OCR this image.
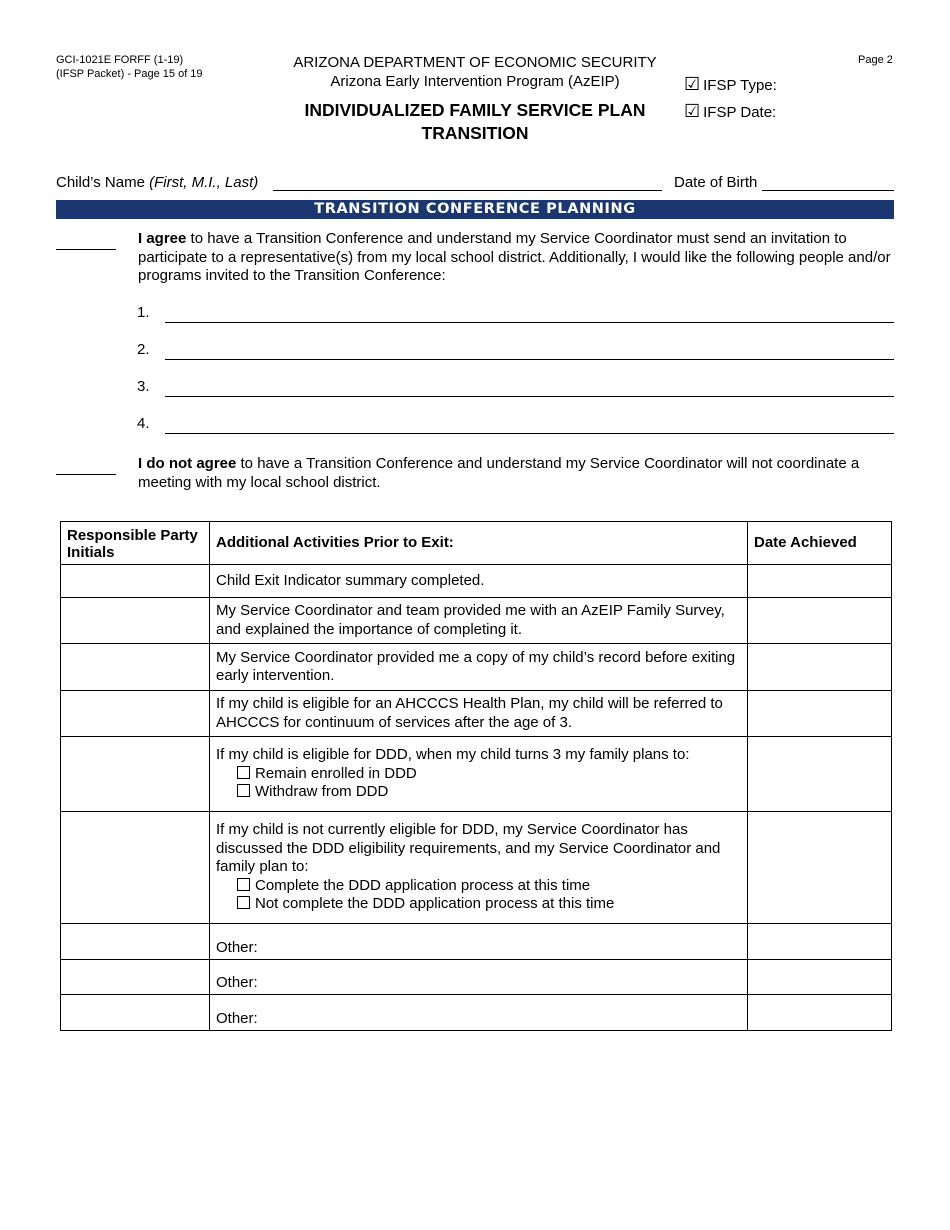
GCI-1021E FORFF (1-19)
(IFSP Packet) - Page 15 of 19
Page 2
ARIZONA DEPARTMENT OF ECONOMIC SECURITY
Arizona Early Intervention Program (AzEIP)
INDIVIDUALIZED FAMILY SERVICE PLAN
TRANSITION
☑ IFSP Type:
☑ IFSP Date:
Child’s Name (First, M.I., Last)	Date of Birth
TRANSITION CONFERENCE PLANNING
I agree to have a Transition Conference and understand my Service Coordinator must send an invitation to participate to a representative(s) from my local school district. Additionally, I would like the following people and/or programs invited to the Transition Conference:
1.
2.
3.
4.
I do not agree to have a Transition Conference and understand my Service Coordinator will not coordinate a meeting with my local school district.
Responsible Party Initials	Additional Activities Prior to Exit:	Date Achieved
	Child Exit Indicator summary completed.	
	My Service Coordinator and team provided me with an AzEIP Family Survey, and explained the importance of completing it.	
	My Service Coordinator provided me a copy of my child’s record before exiting early intervention.	
	If my child is eligible for an AHCCCS Health Plan, my child will be referred to AHCCCS for continuum of services after the age of 3.	

	If my child is eligible for DDD, when my child turns 3 my family plans to:
Remain enrolled in DDD
Withdraw from DDD	

	If my child is not currently eligible for DDD, my Service Coordinator has discussed the DDD eligibility requirements, and my Service Coordinator and family plan to:
Complete the DDD application process at this time
Not complete the DDD application process at this time	

	Other:	
	Other:	
	Other:	
